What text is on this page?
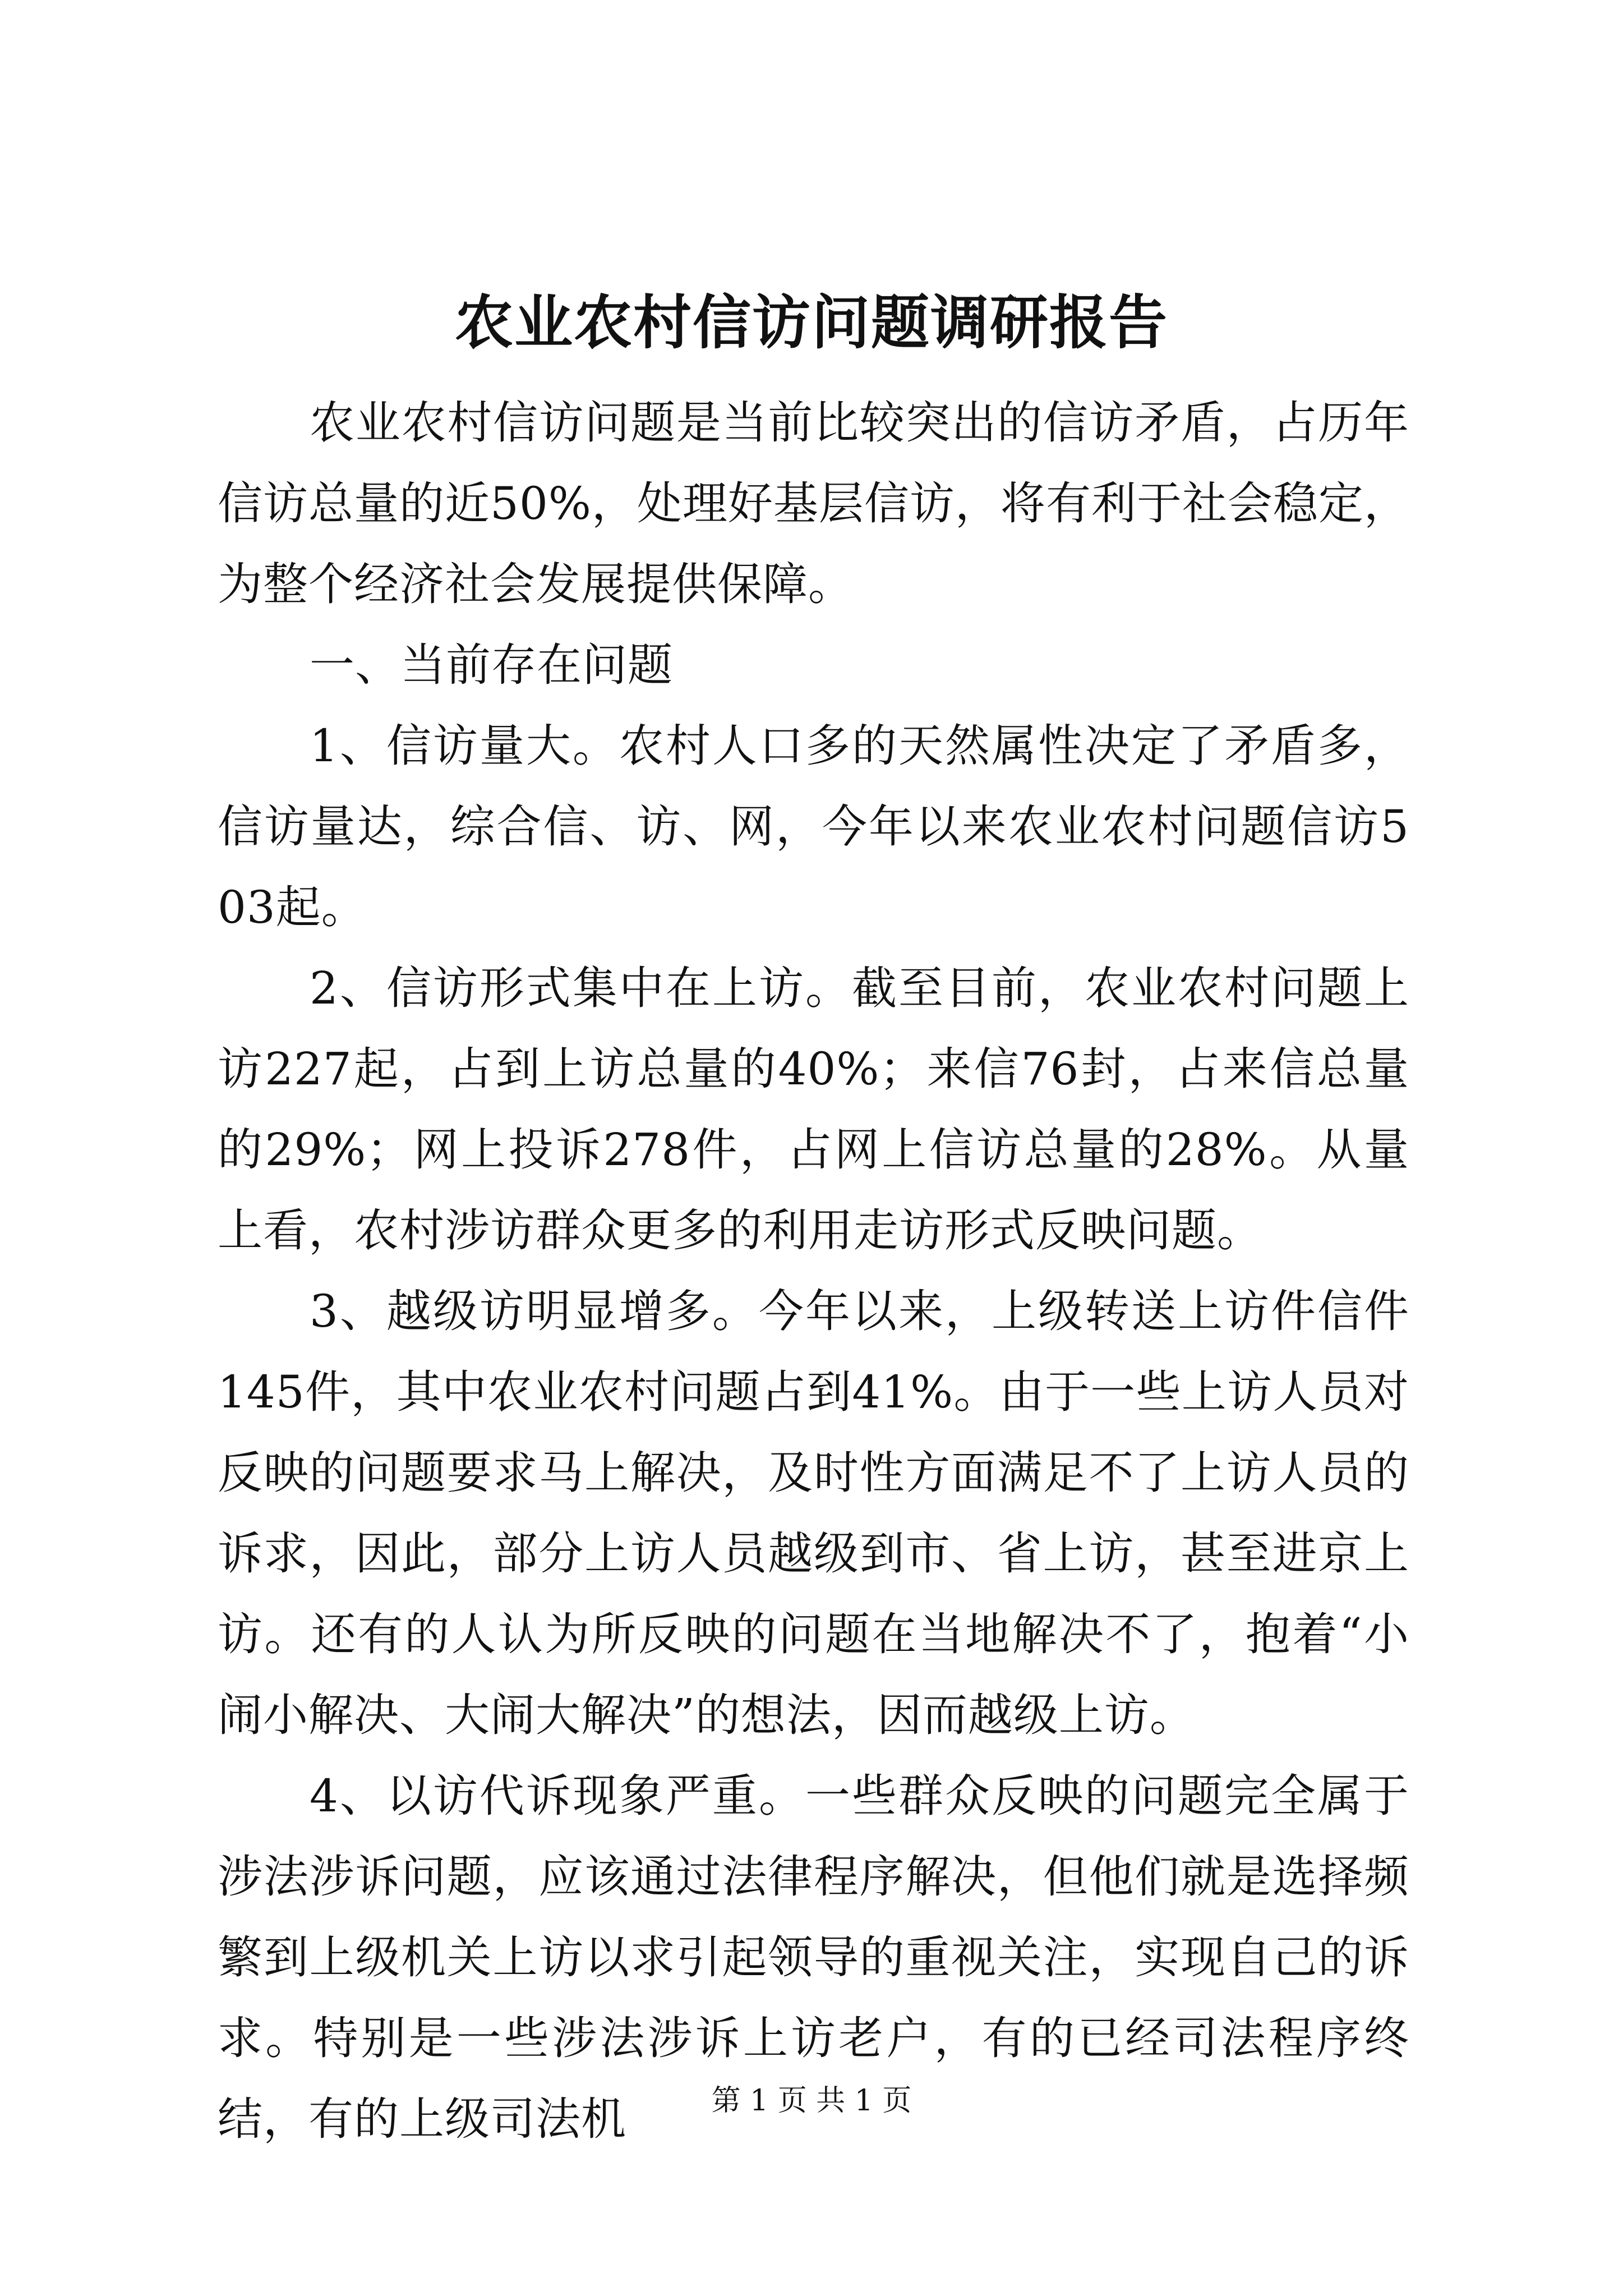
农业农村信访问题调研报告

农业农村信访问题是当前比较突出的信访矛盾，占历年信访总量的近50%，处理好基层信访，将有利于社会稳定，为整个经济社会发展提供保障。

一、当前存在问题

1、信访量大。农村人口多的天然属性决定了矛盾多，信访量达，综合信、访、网，今年以来农业农村问题信访503起。

2、信访形式集中在上访。截至目前，农业农村问题上访227起，占到上访总量的40%；来信76封，占来信总量的29%；网上投诉278件，占网上信访总量的28%。从量上看，农村涉访群众更多的利用走访形式反映问题。

3、越级访明显增多。今年以来，上级转送上访件信件145件，其中农业农村问题占到41%。由于一些上访人员对反映的问题要求马上解决，及时性方面满足不了上访人员的诉求，因此，部分上访人员越级到市、省上访，甚至进京上访。还有的人认为所反映的问题在当地解决不了，抱着“小闹小解决、大闹大解决”的想法，因而越级上访。

4、以访代诉现象严重。一些群众反映的问题完全属于涉法涉诉问题，应该通过法律程序解决，但他们就是选择频繁到上级机关上访以求引起领导的重视关注，实现自己的诉求。特别是一些涉法涉诉上访老户，有的已经司法程序终结，有的上级司法机	第 1 页 共 1 页
